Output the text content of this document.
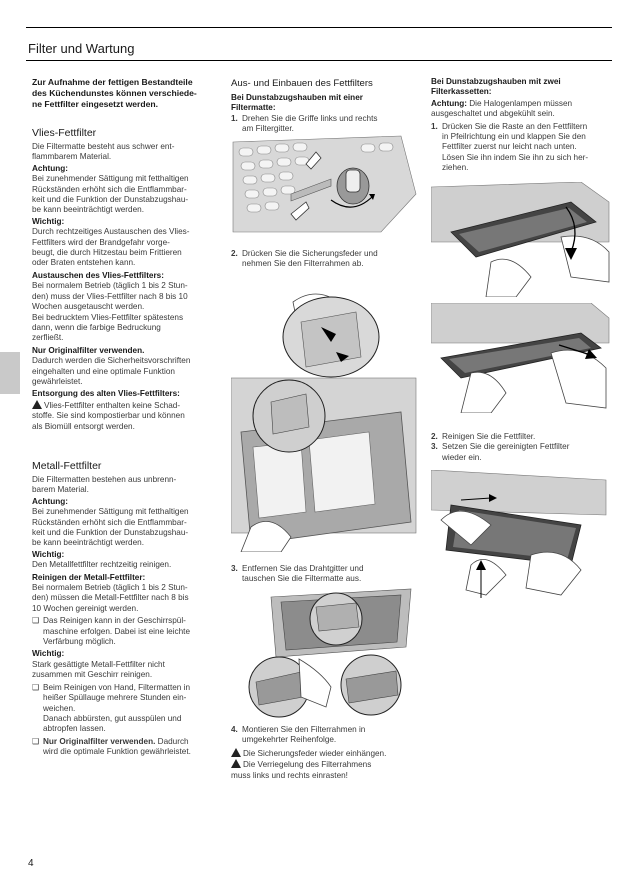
Filter und Wartung
4

Zur Aufnahme der fettigen Bestandteile

des Küchendunstes können verschiede-

ne Fettfilter eingesetzt werden.

Vlies-Fettfilter

Die Filtermatte besteht aus schwer ent-

flammbarem Material.

Achtung:

Bei zunehmender Sättigung mit fetthaltigen

Rückständen erhöht sich die Entflammbar-

keit und die Funktion der Dunstabzugshau-

be kann beeinträchtigt werden.

Wichtig:

Durch rechtzeitiges Austauschen des Vlies-

Fettfilters wird der Brandgefahr vorge-

beugt, die durch Hitzestau beim Frittieren

oder Braten entstehen kann.

Austauschen des Vlies-Fettfilters:

Bei normalem Betrieb (täglich 1 bis 2 Stun-

den) muss der Vlies-Fettfilter nach 8 bis 10

Wochen ausgetauscht werden.

Bei bedrucktem Vlies-Fettfilter spätestens

dann, wenn die farbige Bedruckung

zerfließt.

Nur Originalfilter verwenden.

Dadurch werden die Sicherheitsvorschriften

eingehalten und eine optimale Funktion

gewährleistet.

Entsorgung des alten Vlies-Fettfilters:

Vlies-Fettfilter enthalten keine Schad-

stoffe. Sie sind kompostierbar und können

als Biomüll entsorgt werden.

Metall-Fettfilter

Die Filtermatten bestehen aus unbrenn-

barem Material.

Achtung:

Bei zunehmender Sättigung mit fetthaltigen

Rückständen erhöht sich die Entflammbar-

keit und die Funktion der Dunstabzugshau-

be kann beeinträchtigt werden.

Wichtig:

Den Metallfettfilter rechtzeitig reinigen.

Reinigen der Metall-Fettfilter:

Bei normalem Betrieb (täglich 1 bis 2 Stun-

den) müssen die Metall-Fettfilter nach 8 bis

10 Wochen gereinigt werden.

❑ Das Reinigen kann in der Geschirrspül-

maschine erfolgen. Dabei ist eine leichte

Verfärbung möglich.

Wichtig:

Stark gesättigte Metall-Fettfilter nicht

zusammen mit Geschirr reinigen.

❑ Beim Reinigen von Hand, Filtermatten in

heißer Spüllauge mehrere Stunden ein-

weichen.

Danach abbürsten, gut ausspülen und

abtropfen lassen.

❑ Nur Originalfilter verwenden. Dadurch

wird die optimale Funktion gewährleistet.

Aus- und Einbauen des Fettfilters

Bei Dunstabzugshauben mit einer

Filtermatte:

1. Drehen Sie die Griffe links und rechts

am Filtergitter.

2. Drücken Sie die Sicherungsfeder und

nehmen Sie den Filterrahmen ab.

3. Entfernen Sie das Drahtgitter und

tauschen Sie die Filtermatte aus.

4. Montieren Sie den Filterrahmen in

umgekehrter Reihenfolge.

Die Sicherungsfeder wieder einhängen.

Die Verriegelung des Filterrahmens

muss links und rechts einrasten!

Bei Dunstabzugshauben mit zwei

Filterkassetten:

Achtung: Die Halogenlampen müssen

ausgeschaltet und abgekühlt sein.

1. Drücken Sie die Raste an den Fettfiltern

in Pfeilrichtung ein und klappen Sie den

Fettfilter zuerst nur leicht nach unten.

Lösen Sie ihn indem Sie ihn zu sich her-

ziehen.

2. Reinigen Sie die Fettfilter.

3. Setzen Sie die gereinigten Fettfilter

wieder ein.
